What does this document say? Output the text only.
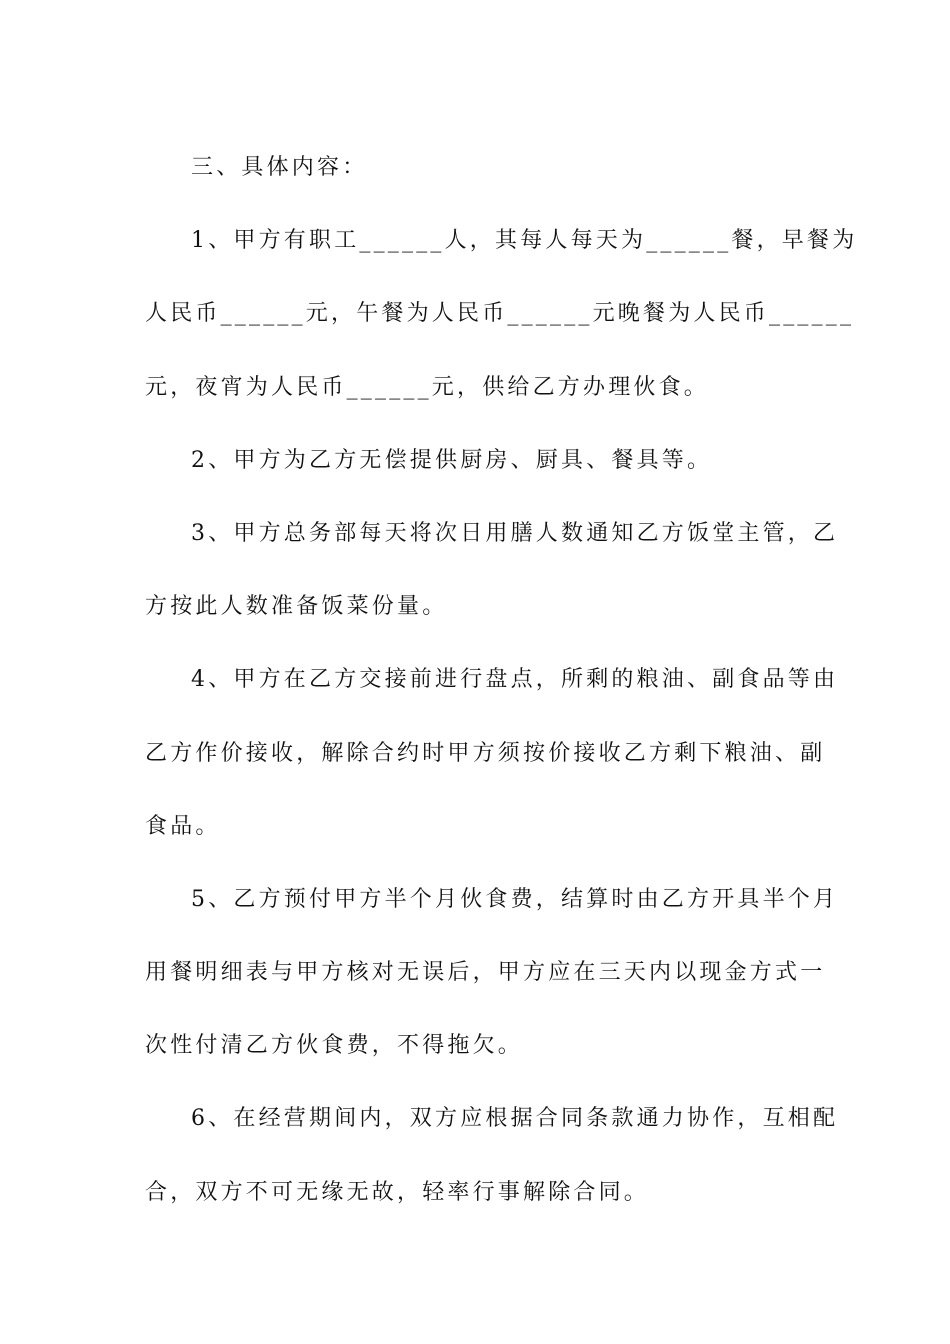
三、具体内容：
1、甲方有职工______人，其每人每天为______餐，早餐为
人民币______元，午餐为人民币______元晚餐为人民币______
元，夜宵为人民币______元，供给乙方办理伙食。
2、甲方为乙方无偿提供厨房、厨具、餐具等。
3、甲方总务部每天将次日用膳人数通知乙方饭堂主管，乙
方按此人数准备饭菜份量。
4、甲方在乙方交接前进行盘点，所剩的粮油、副食品等由
乙方作价接收，解除合约时甲方须按价接收乙方剩下粮油、副
食品。
5、乙方预付甲方半个月伙食费，结算时由乙方开具半个月
用餐明细表与甲方核对无误后，甲方应在三天内以现金方式一
次性付清乙方伙食费，不得拖欠。
6、在经营期间内，双方应根据合同条款通力协作，互相配
合，双方不可无缘无故，轻率行事解除合同。
